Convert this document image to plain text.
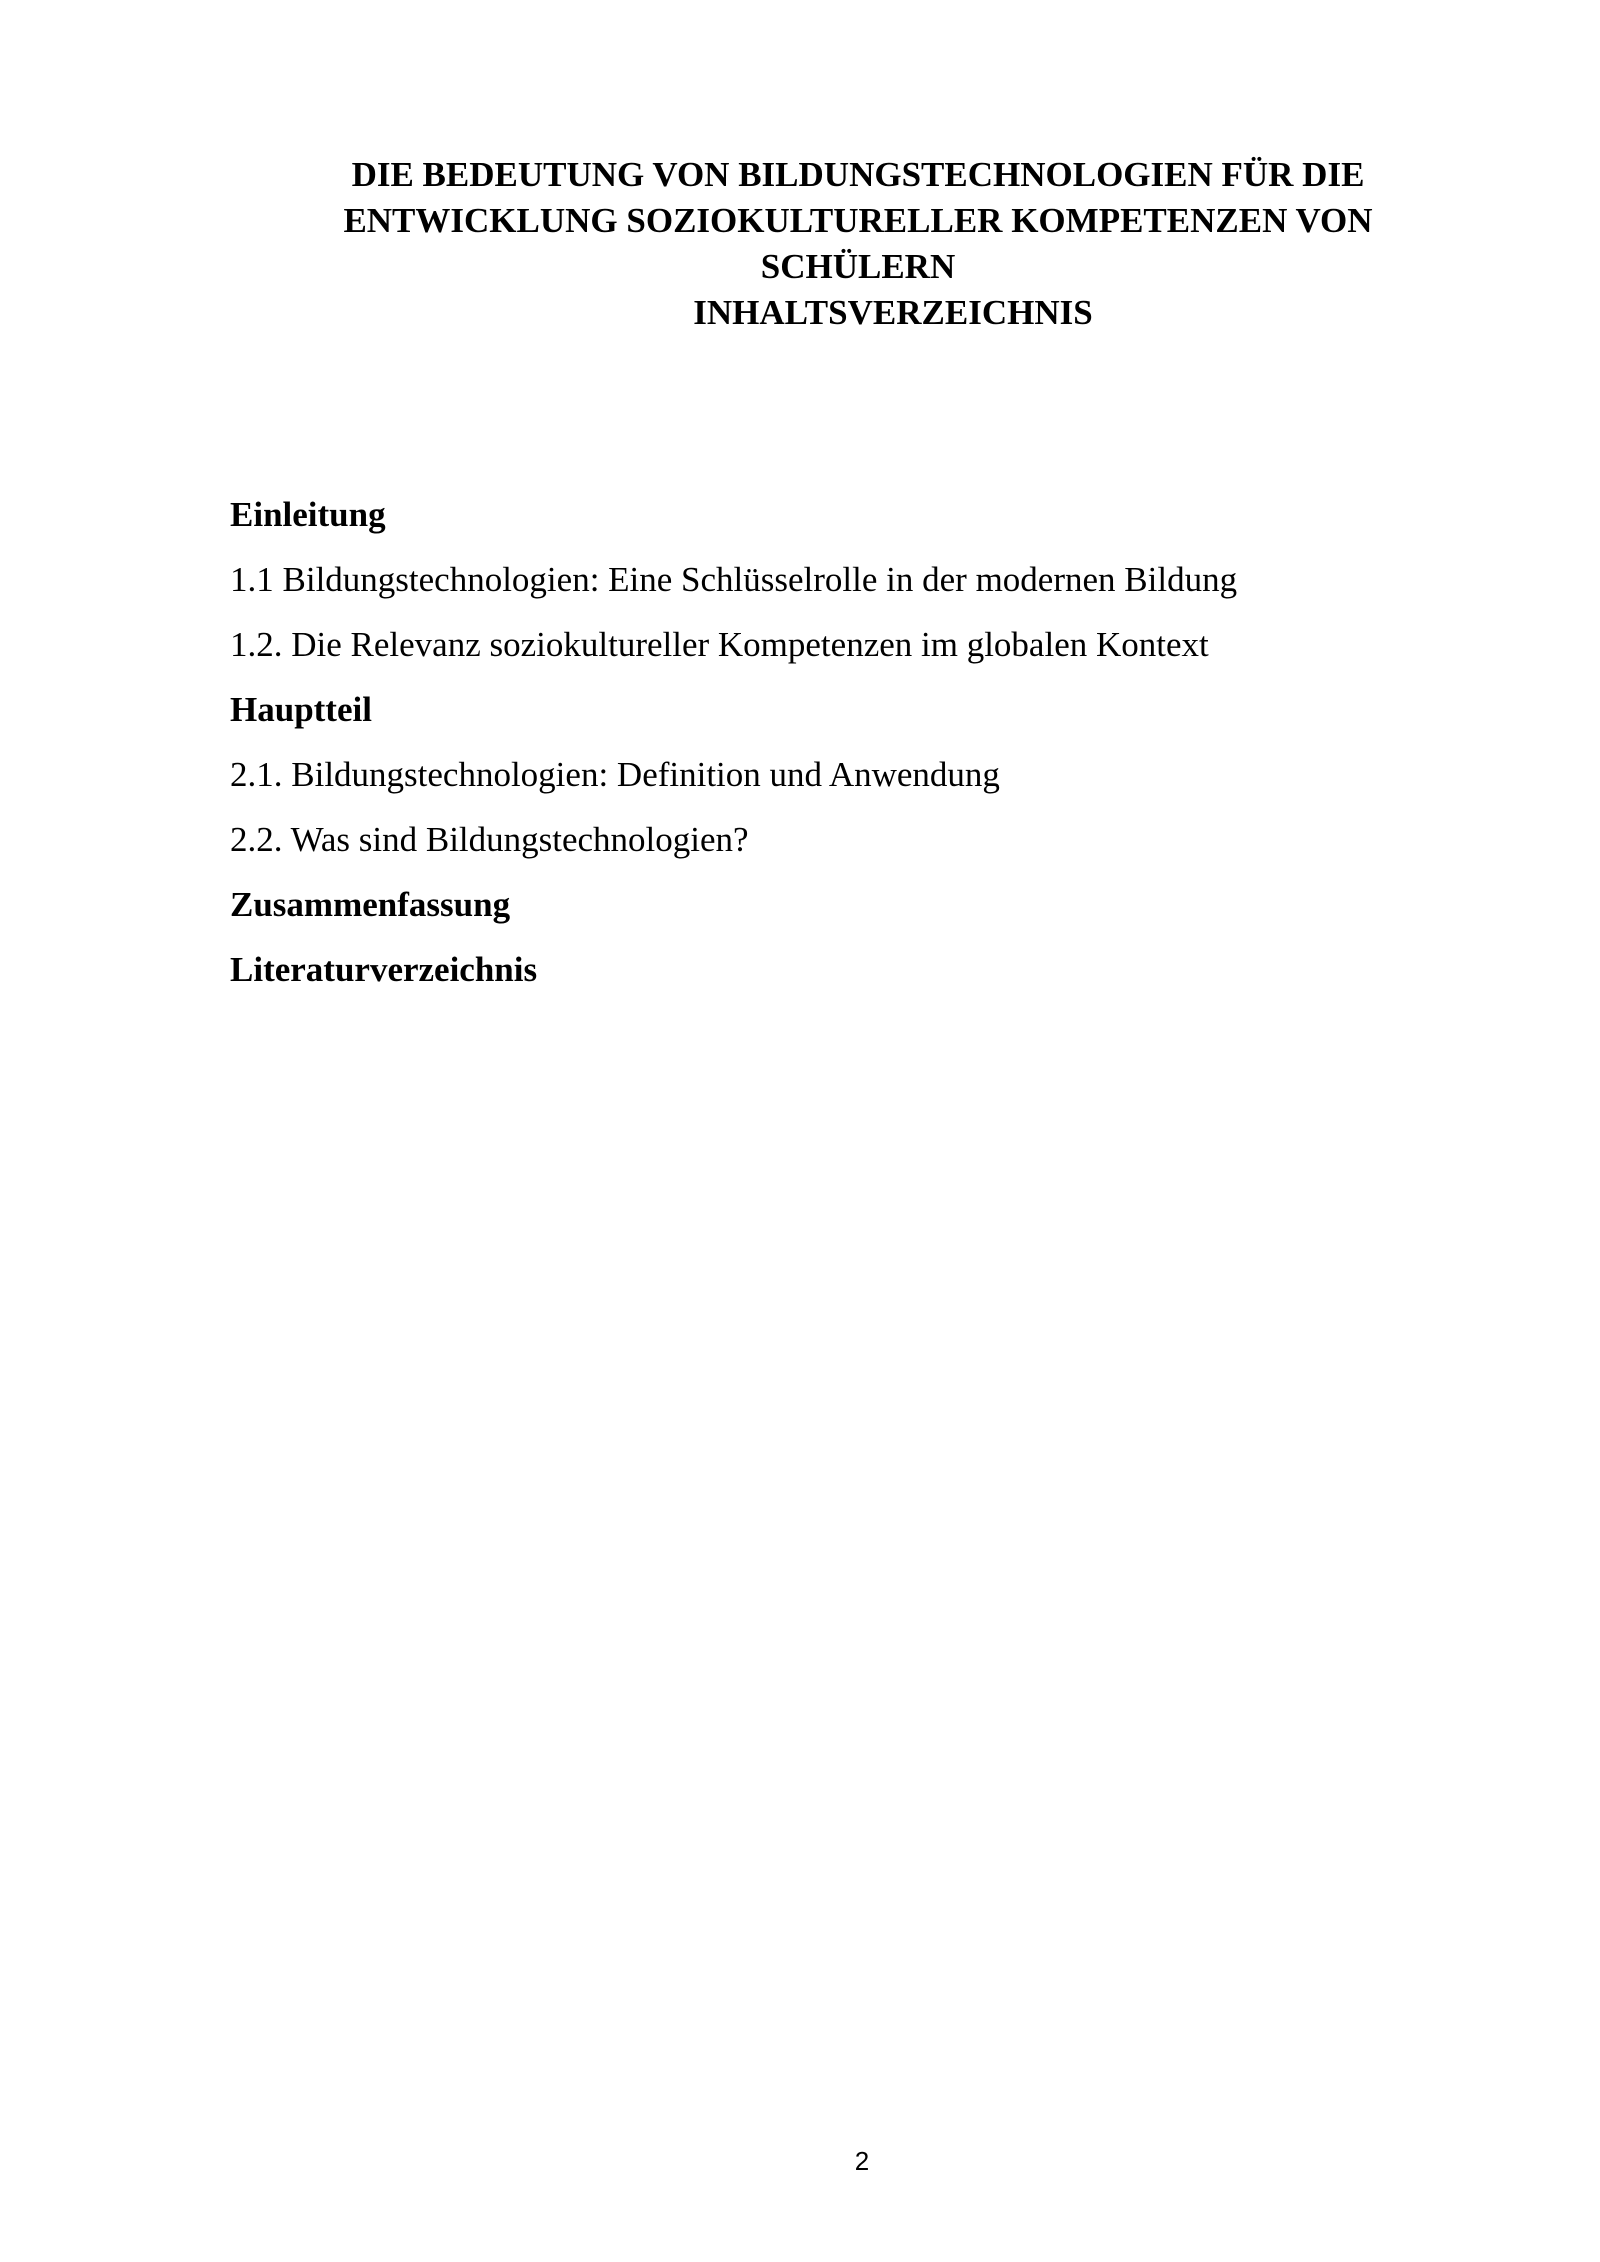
DIE BEDEUTUNG VON BILDUNGSTECHNOLOGIEN FÜR DIE
ENTWICKLUNG SOZIOKULTURELLER KOMPETENZEN VON
SCHÜLERN
INHALTSVERZEICHNIS
Einleitung
1.1 Bildungstechnologien: Eine Schlüsselrolle in der modernen Bildung
1.2. Die Relevanz soziokultureller Kompetenzen im globalen Kontext
Hauptteil
2.1. Bildungstechnologien: Definition und Anwendung
2.2. Was sind Bildungstechnologien?
Zusammenfassung
Literaturverzeichnis
2
